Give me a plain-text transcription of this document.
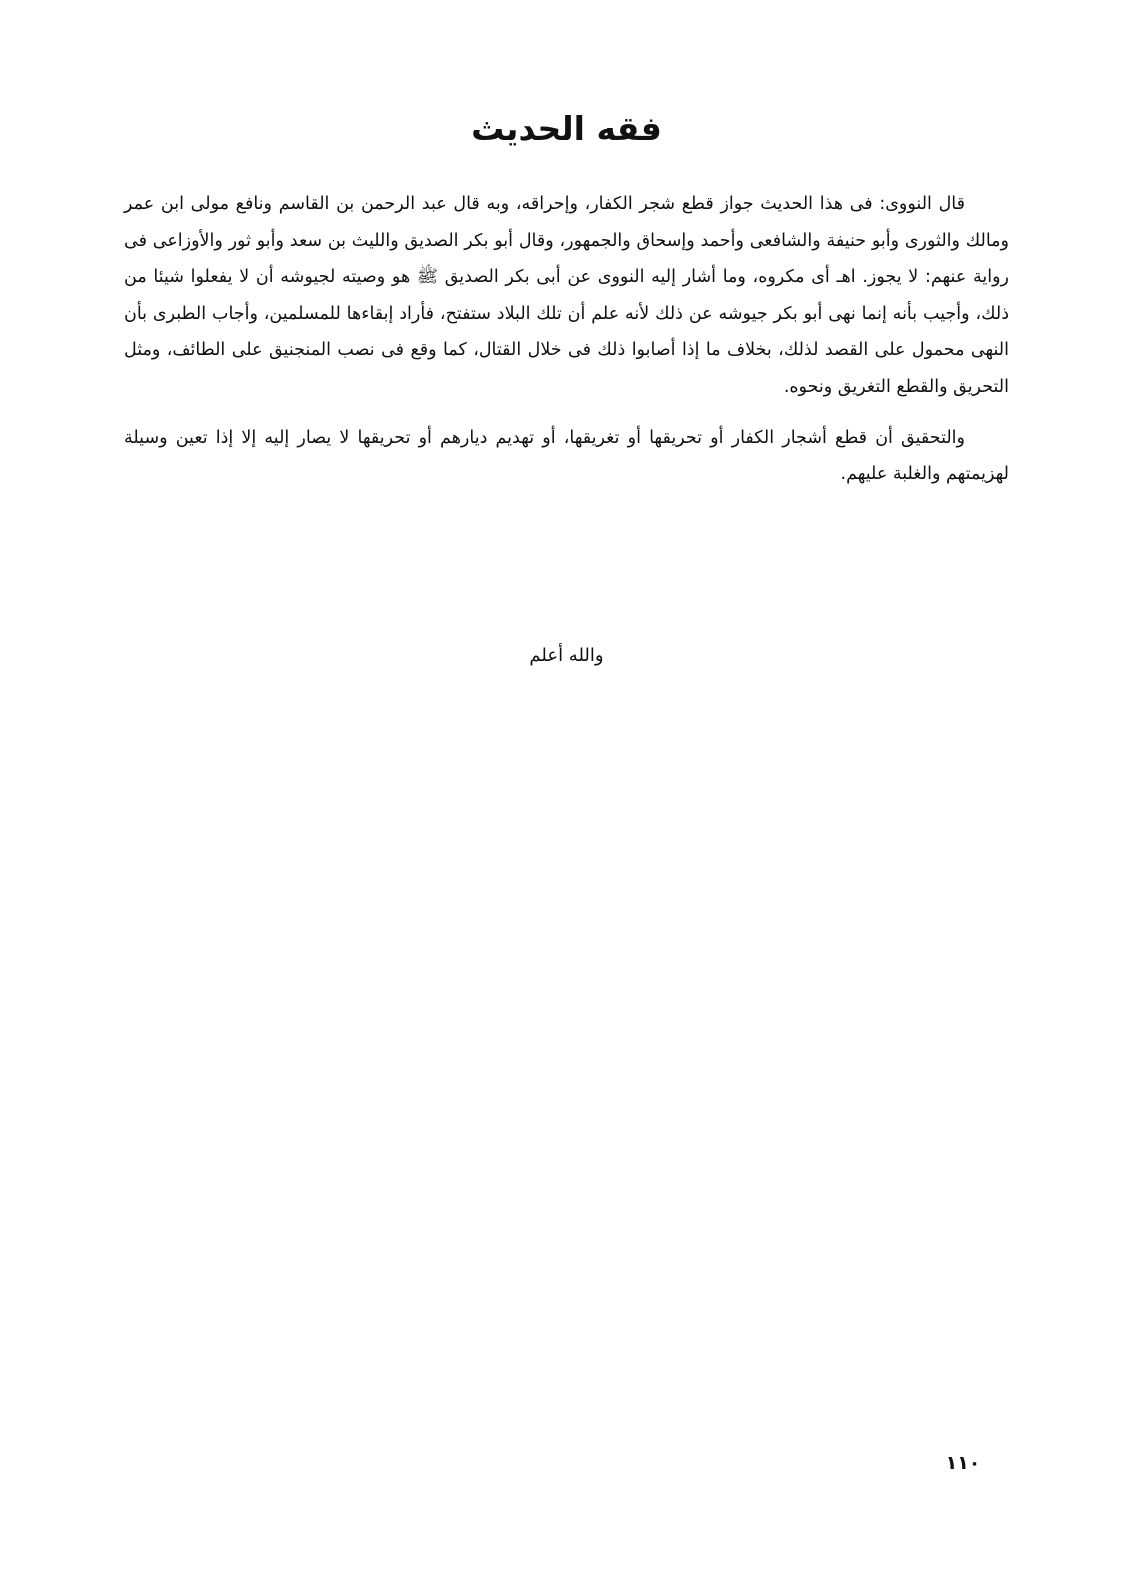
فقه الحديث

قال النووى: فى هذا الحديث جواز قطع شجر الكفار، وإحراقه، وبه قال عبد الرحمن بن القاسم ونافع مولى ابن عمر ومالك والثورى وأبو حنيفة والشافعى وأحمد وإسحاق والجمهور، وقال أبو بكر الصديق والليث بن سعد وأبو ثور والأوزاعى فى رواية عنهم: لا يجوز. اهـ أى مكروه، وما أشار إليه النووى عن أبى بكر الصديق ﷺ هو وصيته لجيوشه أن لا يفعلوا شيئا من ذلك، وأجيب بأنه إنما نهى أبو بكر جيوشه عن ذلك لأنه علم أن تلك البلاد ستفتح، فأراد إبقاءها للمسلمين، وأجاب الطبرى بأن النهى محمول على القصد لذلك، بخلاف ما إذا أصابوا ذلك فى خلال القتال، كما وقع فى نصب المنجنيق على الطائف، ومثل التحريق والقطع التغريق ونحوه.

والتحقيق أن قطع أشجار الكفار أو تحريقها أو تغريقها، أو تهديم ديارهم أو تحريقها لا يصار إليه إلا إذا تعين وسيلة لهزيمتهم والغلبة عليهم.

والله أعلم
١١٠
